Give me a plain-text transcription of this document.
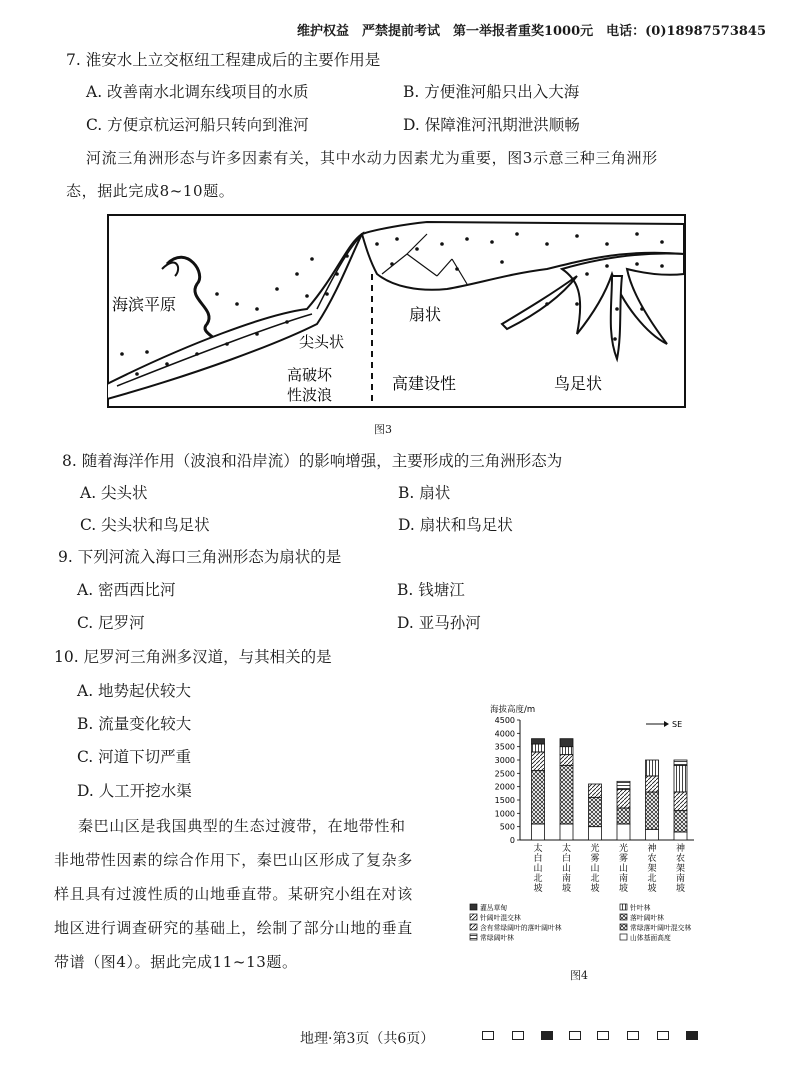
维护权益　严禁提前考试　第一举报者重奖1000元　电话：(0)18987573845
7. 淮安水上立交枢纽工程建成后的主要作用是
A. 改善南水北调东线项目的水质	B. 方便淮河船只出入大海
C. 方便京杭运河船只转向到淮河	D. 保障淮河汛期泄洪顺畅
河流三角洲形态与许多因素有关，其中水动力因素尤为重要，图3示意三种三角洲形
态，据此完成8~10题。
海滨平原
尖头状
扇状
鸟足状
高破坏
性波浪
高建设性
图3
8. 随着海洋作用（波浪和沿岸流）的影响增强，主要形成的三角洲形态为
A. 尖头状	B. 扇状
C. 尖头状和鸟足状	D. 扇状和鸟足状
9. 下列河流入海口三角洲形态为扇状的是
A. 密西西比河	B. 钱塘江
C. 尼罗河	D. 亚马孙河
10. 尼罗河三角洲多汊道，与其相关的是
A. 地势起伏较大
B. 流量变化较大
C. 河道下切严重
D. 人工开挖水渠
秦巴山区是我国典型的生态过渡带，在地带性和
非地带性因素的综合作用下，秦巴山区形成了复杂多
样且具有过渡性质的山地垂直带。某研究小组在对该
地区进行调查研究的基础上，绘制了部分山地的垂直
带谱（图4）。据此完成11~13题。
海拔高度/m
4500
4000
3500
3000
2500
2000
1500
1000
500
0
太
白
山
北
坡
太
白
山
南
坡
光
雾
山
北
坡
光
雾
山
南
坡
神
农
架
北
坡
神
农
架
南
坡
SE
灌丛草甸
针阔叶混交林
含有常绿阔叶的落叶阔叶林
常绿阔叶林
针叶林
落叶阔叶林
常绿落叶阔叶混交林
山体基面高度
图4
地理·第3页（共6页）
